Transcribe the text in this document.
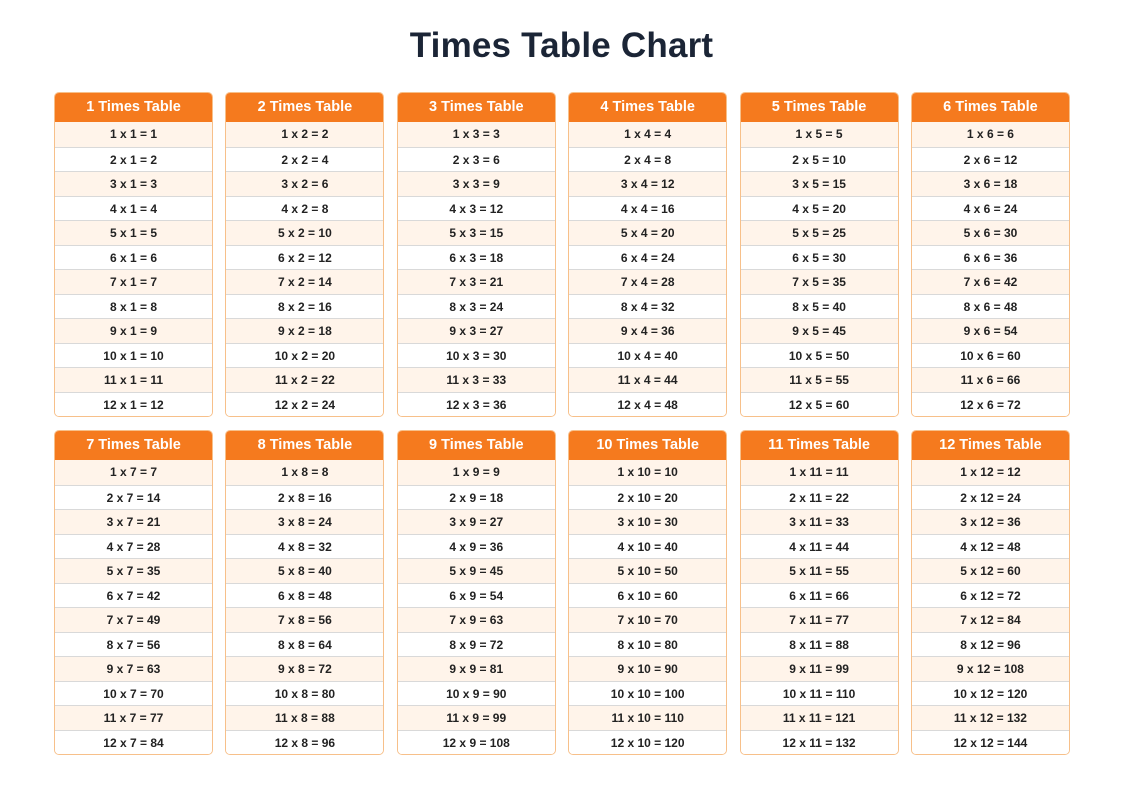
Times Table Chart
1 Times Table
1 x 1 = 1
2 x 1 = 2
3 x 1 = 3
4 x 1 = 4
5 x 1 = 5
6 x 1 = 6
7 x 1 = 7
8 x 1 = 8
9 x 1 = 9
10 x 1 = 10
11 x 1 = 11
12 x 1 = 12
2 Times Table
1 x 2 = 2
2 x 2 = 4
3 x 2 = 6
4 x 2 = 8
5 x 2 = 10
6 x 2 = 12
7 x 2 = 14
8 x 2 = 16
9 x 2 = 18
10 x 2 = 20
11 x 2 = 22
12 x 2 = 24
3 Times Table
1 x 3 = 3
2 x 3 = 6
3 x 3 = 9
4 x 3 = 12
5 x 3 = 15
6 x 3 = 18
7 x 3 = 21
8 x 3 = 24
9 x 3 = 27
10 x 3 = 30
11 x 3 = 33
12 x 3 = 36
4 Times Table
1 x 4 = 4
2 x 4 = 8
3 x 4 = 12
4 x 4 = 16
5 x 4 = 20
6 x 4 = 24
7 x 4 = 28
8 x 4 = 32
9 x 4 = 36
10 x 4 = 40
11 x 4 = 44
12 x 4 = 48
5 Times Table
1 x 5 = 5
2 x 5 = 10
3 x 5 = 15
4 x 5 = 20
5 x 5 = 25
6 x 5 = 30
7 x 5 = 35
8 x 5 = 40
9 x 5 = 45
10 x 5 = 50
11 x 5 = 55
12 x 5 = 60
6 Times Table
1 x 6 = 6
2 x 6 = 12
3 x 6 = 18
4 x 6 = 24
5 x 6 = 30
6 x 6 = 36
7 x 6 = 42
8 x 6 = 48
9 x 6 = 54
10 x 6 = 60
11 x 6 = 66
12 x 6 = 72
7 Times Table
1 x 7 = 7
2 x 7 = 14
3 x 7 = 21
4 x 7 = 28
5 x 7 = 35
6 x 7 = 42
7 x 7 = 49
8 x 7 = 56
9 x 7 = 63
10 x 7 = 70
11 x 7 = 77
12 x 7 = 84
8 Times Table
1 x 8 = 8
2 x 8 = 16
3 x 8 = 24
4 x 8 = 32
5 x 8 = 40
6 x 8 = 48
7 x 8 = 56
8 x 8 = 64
9 x 8 = 72
10 x 8 = 80
11 x 8 = 88
12 x 8 = 96
9 Times Table
1 x 9 = 9
2 x 9 = 18
3 x 9 = 27
4 x 9 = 36
5 x 9 = 45
6 x 9 = 54
7 x 9 = 63
8 x 9 = 72
9 x 9 = 81
10 x 9 = 90
11 x 9 = 99
12 x 9 = 108
10 Times Table
1 x 10 = 10
2 x 10 = 20
3 x 10 = 30
4 x 10 = 40
5 x 10 = 50
6 x 10 = 60
7 x 10 = 70
8 x 10 = 80
9 x 10 = 90
10 x 10 = 100
11 x 10 = 110
12 x 10 = 120
11 Times Table
1 x 11 = 11
2 x 11 = 22
3 x 11 = 33
4 x 11 = 44
5 x 11 = 55
6 x 11 = 66
7 x 11 = 77
8 x 11 = 88
9 x 11 = 99
10 x 11 = 110
11 x 11 = 121
12 x 11 = 132
12 Times Table
1 x 12 = 12
2 x 12 = 24
3 x 12 = 36
4 x 12 = 48
5 x 12 = 60
6 x 12 = 72
7 x 12 = 84
8 x 12 = 96
9 x 12 = 108
10 x 12 = 120
11 x 12 = 132
12 x 12 = 144
